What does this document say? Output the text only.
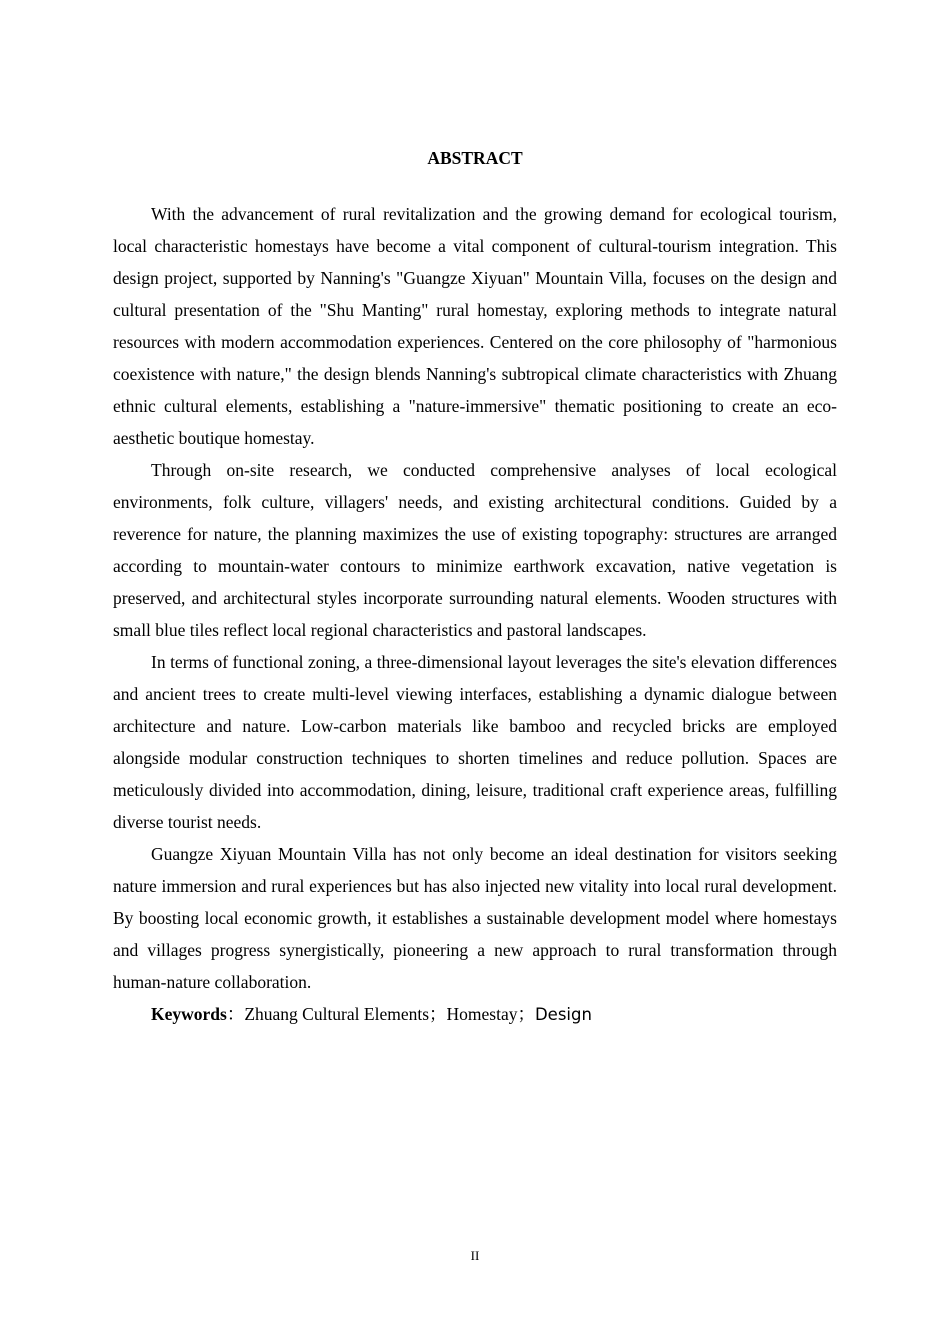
ABSTRACT

With the advancement of rural revitalization and the growing demand for ecological tourism, local characteristic homestays have become a vital component of cultural-tourism integration. This design project, supported by Nanning's "Guangze Xiyuan" Mountain Villa, focuses on the design and cultural presentation of the "Shu Manting" rural homestay, exploring methods to integrate natural resources with modern accommodation experiences. Centered on the core philosophy of "harmonious coexistence with nature," the design blends Nanning's subtropical climate characteristics with Zhuang ethnic cultural elements, establishing a "nature-immersive" thematic positioning to create an eco-aesthetic boutique homestay.

Through on-site research, we conducted comprehensive analyses of local ecological environments, folk culture, villagers' needs, and existing architectural conditions. Guided by a reverence for nature, the planning maximizes the use of existing topography: structures are arranged according to mountain-water contours to minimize earthwork excavation, native vegetation is preserved, and architectural styles incorporate surrounding natural elements. Wooden structures with small blue tiles reflect local regional characteristics and pastoral landscapes.

In terms of functional zoning, a three-dimensional layout leverages the site's elevation differences and ancient trees to create multi-level viewing interfaces, establishing a dynamic dialogue between architecture and nature. Low-carbon materials like bamboo and recycled bricks are employed alongside modular construction techniques to shorten timelines and reduce pollution. Spaces are meticulously divided into accommodation, dining, leisure, traditional craft experience areas, fulfilling diverse tourist needs.

Guangze Xiyuan Mountain Villa has not only become an ideal destination for visitors seeking nature immersion and rural experiences but has also injected new vitality into local rural development. By boosting local economic growth, it establishes a sustainable development model where homestays and villages progress synergistically, pioneering a new approach to rural transformation through human-nature collaboration.

Keywords：Zhuang Cultural Elements；Homestay；Design

II
